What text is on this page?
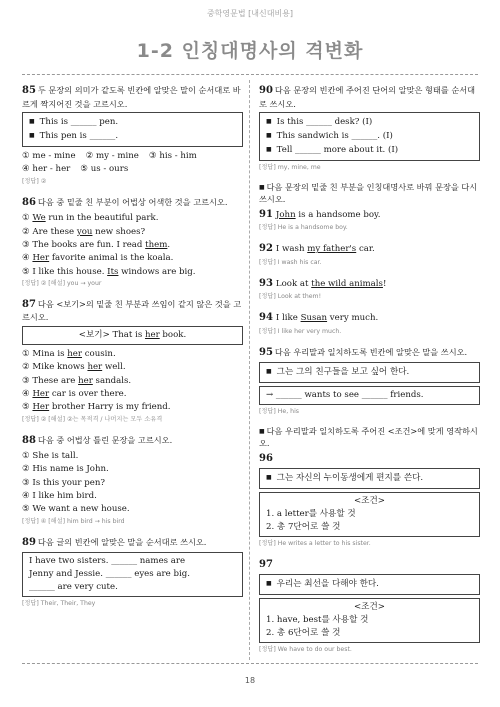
중학영문법 [내신대비용]
1-2 인칭대명사의 격변화
85 두 문장의 의미가 같도록 빈칸에 알맞은 말이 순서대로 바르게 짝지어진 것을 고르시오.
■ This is ______ pen.
■ This pen is ______.
① me - mine ② my - mine ③ his - him
④ her - her ⑤ us - ours
[정답] ②
86 다음 중 밑줄 친 부분이 어법상 어색한 것을 고르시오.
① We run in the beautiful park.
② Are these you new shoes?
③ The books are fun. I read them.
④ Her favorite animal is the koala.
⑤ I like this house. Its windows are big.
[정답] ② [해설] you → your
87 다음 <보기>의 밑줄 친 부분과 쓰임이 같지 않은 것을 고르시오.
<보기> That is her book.
① Mina is her cousin.
② Mike knows her well.
③ These are her sandals.
④ Her car is over there.
⑤ Her brother Harry is my friend.
[정답] ② [해설] ②는 목적격 / 나머지는 모두 소유격
88 다음 중 어법상 틀린 문장을 고르시오.
① She is tall.
② His name is John.
③ Is this your pen?
④ I like him bird.
⑤ We want a new house.
[정답] ④ [해설] him bird → his bird
89 다음 글의 빈칸에 알맞은 말을 순서대로 쓰시오.
I have two sisters. ______ names are
Jenny and Jessie. ______ eyes are big.
______ are very cute.
[정답] Their, Their, They
90 다음 문장의 빈칸에 주어진 단어의 알맞은 형태를 순서대로 쓰시오.
■ Is this ______ desk? (I)
■ This sandwich is ______. (I)
■ Tell ______ more about it. (I)
[정답] my, mine, me
■ 다음 문장의 밑줄 친 부분을 인칭대명사로 바꿔 문장을 다시 쓰시오.
91 John is a handsome boy.
[정답] He is a handsome boy.
92 I wash my father's car.
[정답] I wash his car.
93 Look at the wild animals!
[정답] Look at them!
94 I like Susan very much.
[정답] I like her very much.
95 다음 우리말과 일치하도록 빈칸에 알맞은 말을 쓰시오.
■ 그는 그의 친구들을 보고 싶어 한다.
→ ______ wants to see ______ friends.
[정답] He, his
■ 다음 우리말과 일치하도록 주어진 <조건>에 맞게 영작하시오.
96
■ 그는 자신의 누이동생에게 편지를 쓴다.
<조건>
1. a letter를 사용할 것
2. 총 7단어로 쓸 것
[정답] He writes a letter to his sister.
97
■ 우리는 최선을 다해야 한다.
<조건>
1. have, best를 사용할 것
2. 총 6단어로 쓸 것
[정답] We have to do our best.
18
